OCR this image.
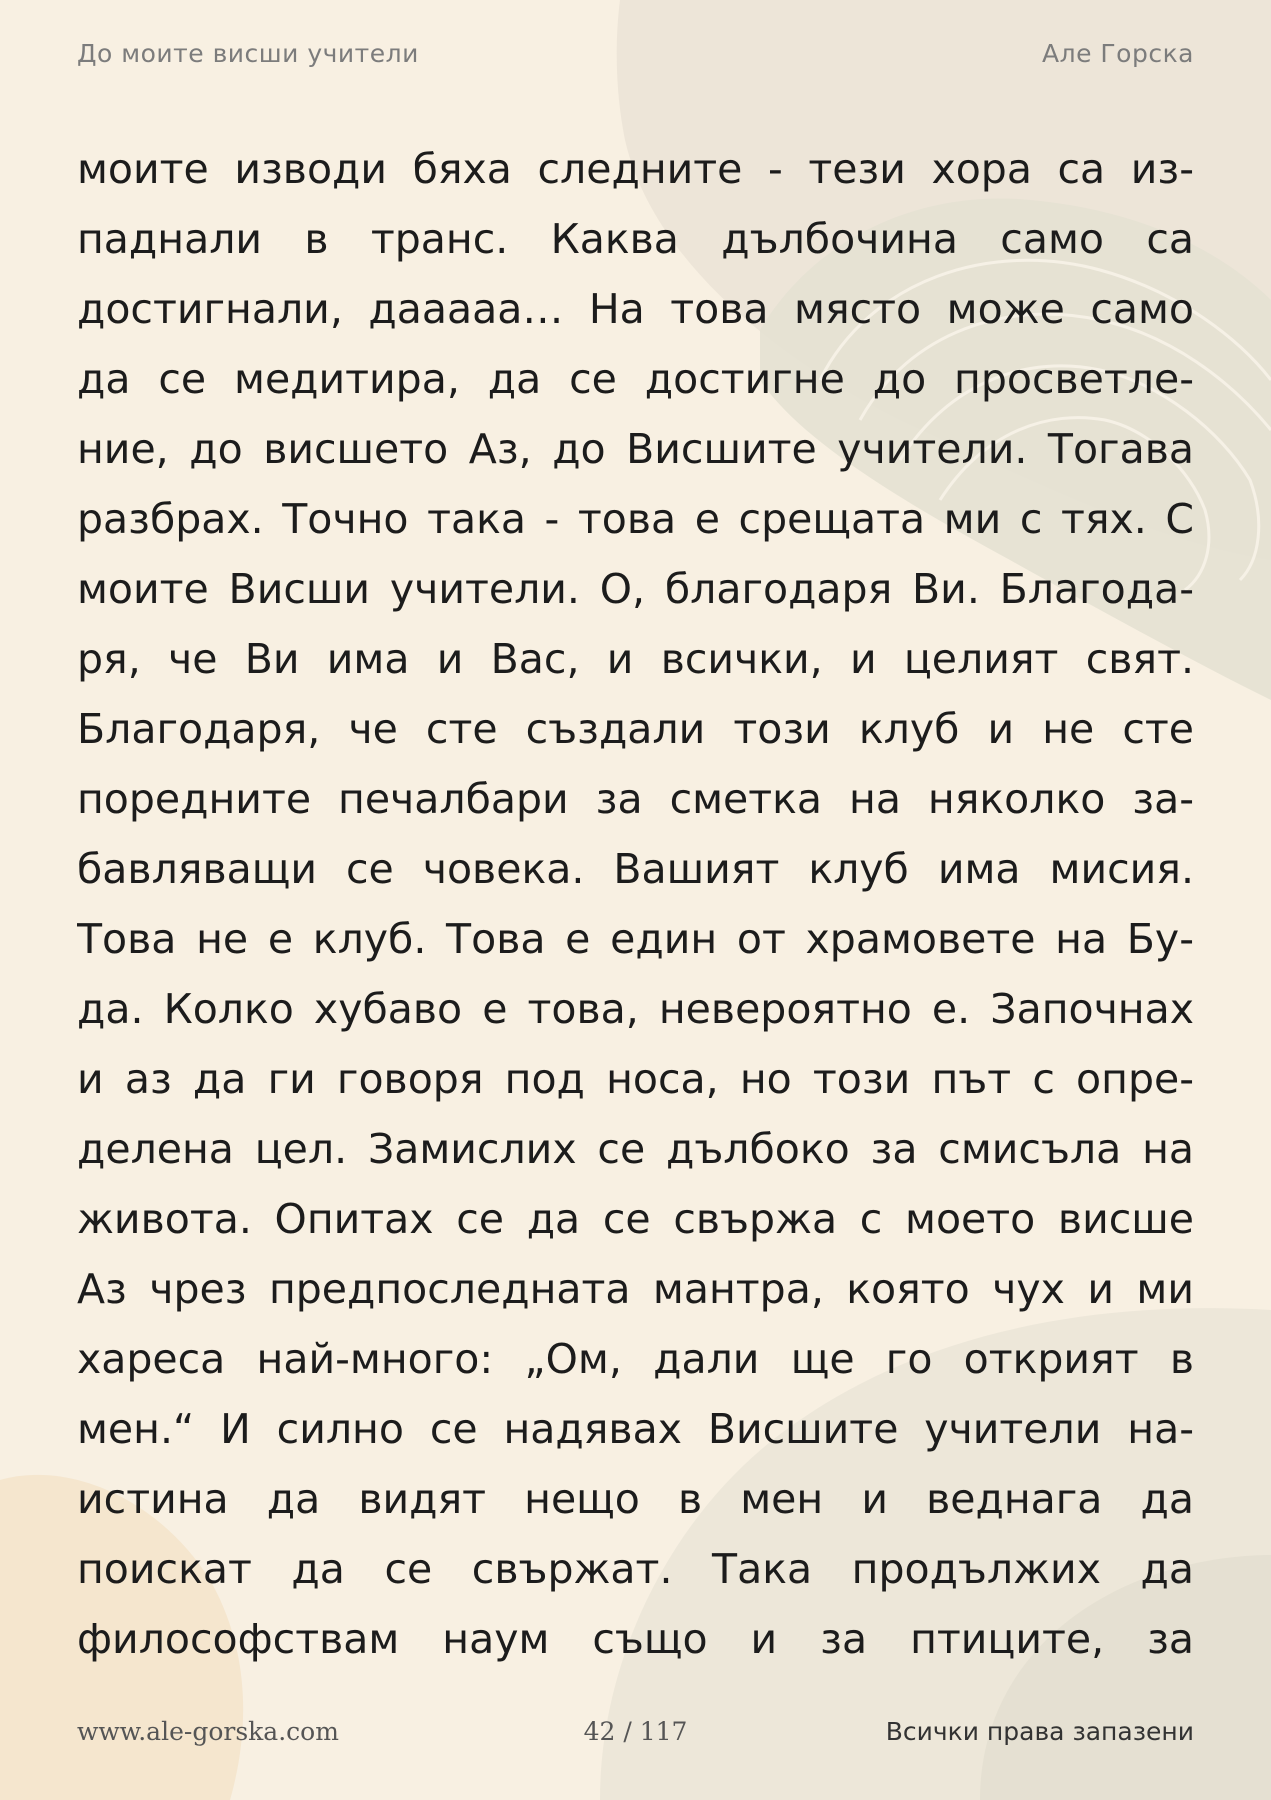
До моите висши учители	Але Горска
моите изводи бяха следните - тези хора са из-
паднали в транс. Каква дълбочина само са
достигнали, даааaa… На това място може само
да се медитира, да се достигне до просветле-
ние, до висшето Аз, до Висшите учители. Тогава
разбрах. Точно така - това е срещата ми с тях. С
моите Висши учители. О, благодаря Ви. Благода-
ря, че Ви има и Вас, и всички, и целият свят.
Благодаря, че сте създали този клуб и не сте
поредните печалбари за сметка на няколко за-
бавляващи се човека. Вашият клуб има мисия.
Това не е клуб. Това е един от храмовете на Бу-
да. Колко хубаво е това, невероятно е. Започнах
и аз да ги говоря под носа, но този път с опре-
делена цел. Замислих се дълбоко за смисъла на
живота. Опитах се да се свържа с моето висше
Аз чрез предпоследната мантра, която чух и ми
хареса най-много: „Ом, дали ще го открият в
мен.“ И силно се надявах Висшите учители на-
истина да видят нещо в мен и веднага да
поискат да се свържат. Така продължих да
философствам наум също и за птиците, за
www.ale-gorska.com	42 / 117	Всички права запазени
